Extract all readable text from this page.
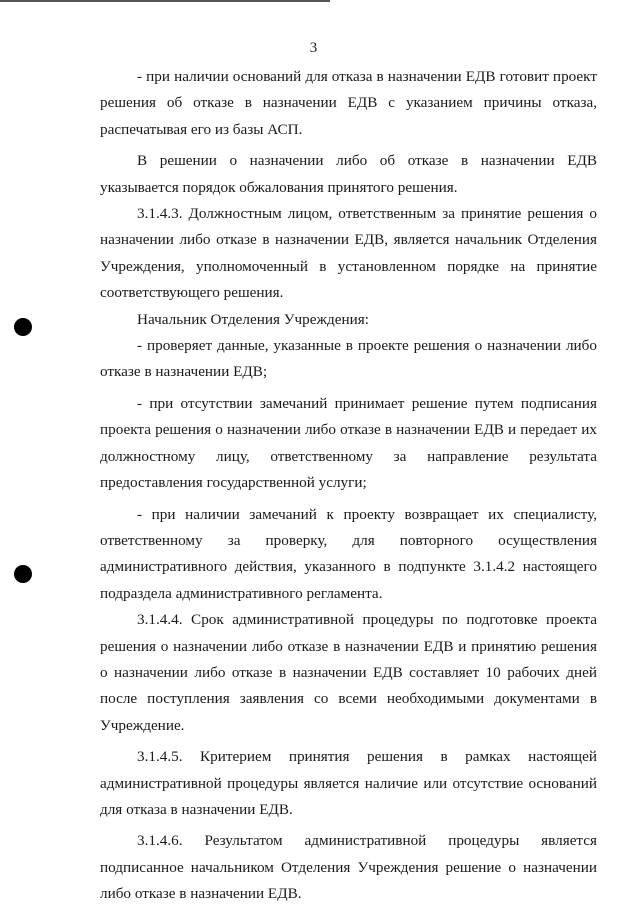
3

- при наличии оснований для отказа в назначении ЕДВ готовит проект решения об отказе в назначении ЕДВ с указанием причины отказа, распечатывая его из базы АСП.

В решении о назначении либо об отказе в назначении ЕДВ указывается порядок обжалования принятого решения.

3.1.4.3. Должностным лицом, ответственным за принятие решения о назначении либо отказе в назначении ЕДВ, является начальник Отделения Учреждения, уполномоченный в установленном порядке на принятие соответствующего решения.

Начальник Отделения Учреждения:

- проверяет данные, указанные в проекте решения о назначении либо отказе в назначении ЕДВ;

- при отсутствии замечаний принимает решение путем подписания проекта решения о назначении либо отказе в назначении ЕДВ и передает их должностному лицу, ответственному за направление результата предоставления государственной услуги;

- при наличии замечаний к проекту возвращает их специалисту, ответственному за проверку, для повторного осуществления административного действия, указанного в подпункте 3.1.4.2 настоящего подраздела административного регламента.

3.1.4.4. Срок административной процедуры по подготовке проекта решения о назначении либо отказе в назначении ЕДВ и принятию решения о назначении либо отказе в назначении ЕДВ составляет 10 рабочих дней после поступления заявления со всеми необходимыми документами в Учреждение.

3.1.4.5. Критерием принятия решения в рамках настоящей административной процедуры является наличие или отсутствие оснований для отказа в назначении ЕДВ.

3.1.4.6. Результатом административной процедуры является подписанное начальником Отделения Учреждения решение о назначении либо отказе в назначении ЕДВ.
